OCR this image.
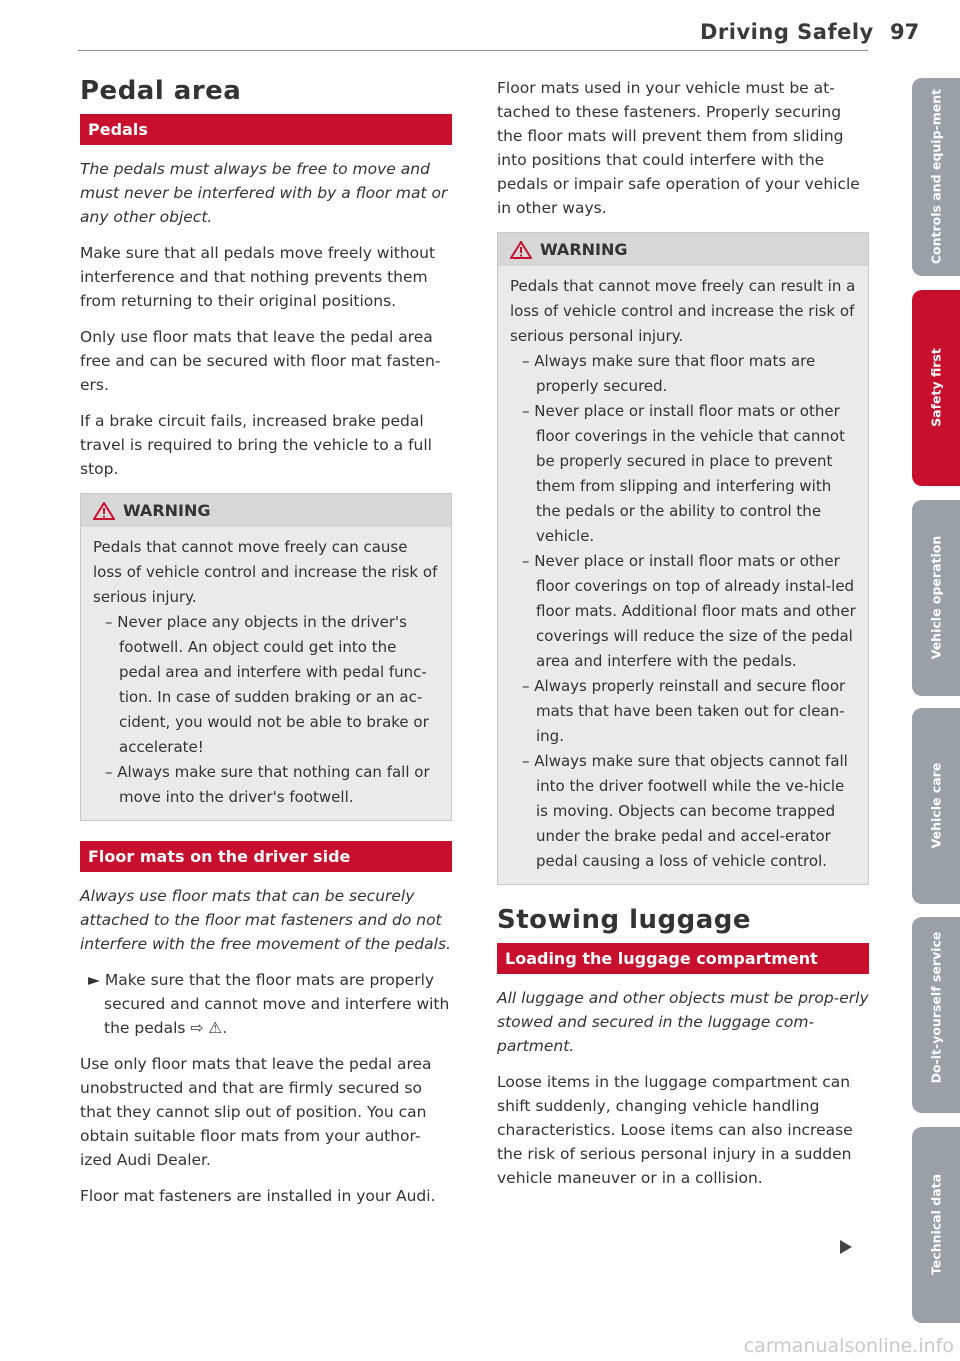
Driving Safely 97
Pedal area
Pedals
The pedals must always be free to move and must never be interfered with by a floor mat or any other object.
Make sure that all pedals move freely without interference and that nothing prevents them from returning to their original positions.
Only use floor mats that leave the pedal area free and can be secured with floor mat fasten-ers.
If a brake circuit fails, increased brake pedal travel is required to bring the vehicle to a full stop.
WARNING
Pedals that cannot move freely can cause loss of vehicle control and increase the risk of serious injury.
– Never place any objects in the driver's footwell. An object could get into the pedal area and interfere with pedal func-tion. In case of sudden braking or an ac-cident, you would not be able to brake or accelerate!
– Always make sure that nothing can fall or move into the driver's footwell.
Floor mats on the driver side
Always use floor mats that can be securely attached to the floor mat fasteners and do not interfere with the free movement of the pedals.
► Make sure that the floor mats are properly secured and cannot move and interfere with the pedals ⇨ ⚠.
Use only floor mats that leave the pedal area unobstructed and that are firmly secured so that they cannot slip out of position. You can obtain suitable floor mats from your author-ized Audi Dealer.
Floor mat fasteners are installed in your Audi.
Floor mats used in your vehicle must be at-tached to these fasteners. Properly securing the floor mats will prevent them from sliding into positions that could interfere with the pedals or impair safe operation of your vehicle in other ways.
WARNING
Pedals that cannot move freely can result in a loss of vehicle control and increase the risk of serious personal injury.
– Always make sure that floor mats are properly secured.
– Never place or install floor mats or other floor coverings in the vehicle that cannot be properly secured in place to prevent them from slipping and interfering with the pedals or the ability to control the vehicle.
– Never place or install floor mats or other floor coverings on top of already instal-led floor mats. Additional floor mats and other coverings will reduce the size of the pedal area and interfere with the pedals.
– Always properly reinstall and secure floor mats that have been taken out for clean-ing.
– Always make sure that objects cannot fall into the driver footwell while the ve-hicle is moving. Objects can become trapped under the brake pedal and accel-erator pedal causing a loss of vehicle control.
Stowing luggage
Loading the luggage compartment
All luggage and other objects must be prop-erly stowed and secured in the luggage com-partment.
Loose items in the luggage compartment can shift suddenly, changing vehicle handling characteristics. Loose items can also increase the risk of serious personal injury in a sudden vehicle maneuver or in a collision.
Controls and equip-ment
Safety first
Vehicle operation
Vehicle care
Do-it-yourself service
Technical data
carmanualsonline.info
